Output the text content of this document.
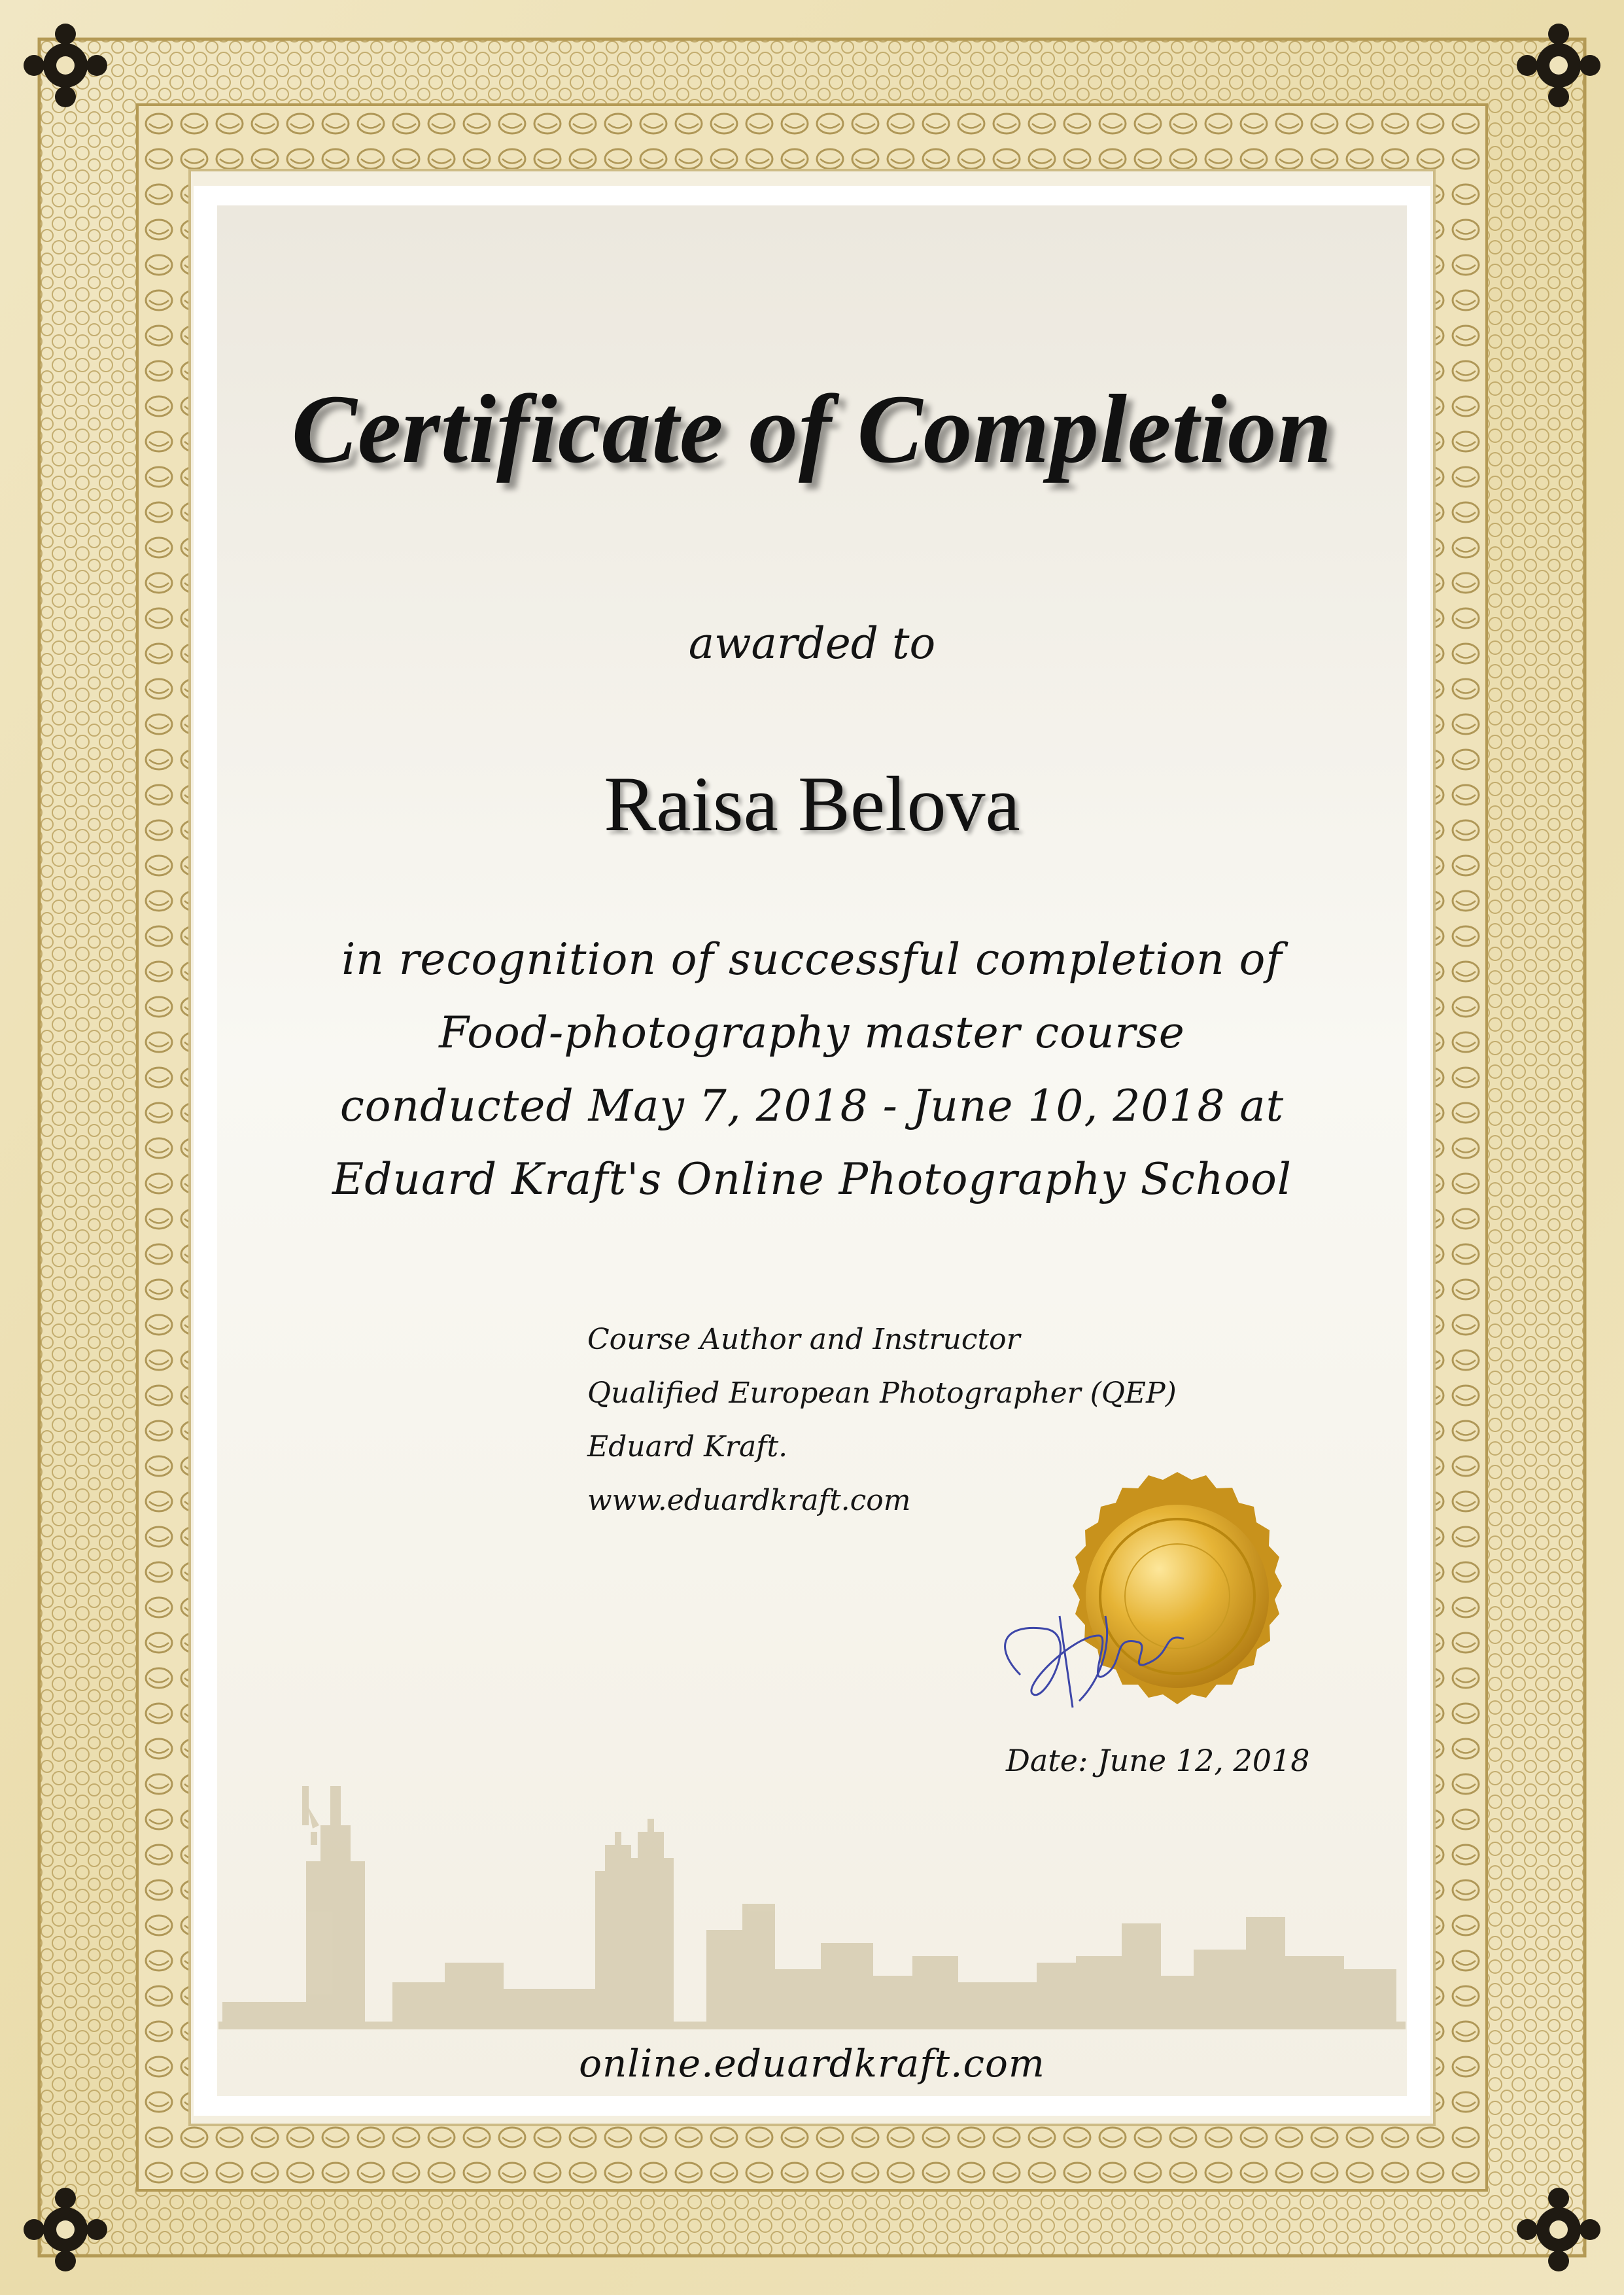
Certificate of Completion

awarded to

Raisa Belova

in recognition of successful completion of

Food-photography master course

conducted May 7, 2018 - June 10, 2018 at

Eduard Kraft's Online Photography School

Course Author and Instructor

Qualified European Photographer (QEP)

Eduard Kraft.

www.eduardkraft.com

Date: June 12, 2018

online.eduardkraft.com
